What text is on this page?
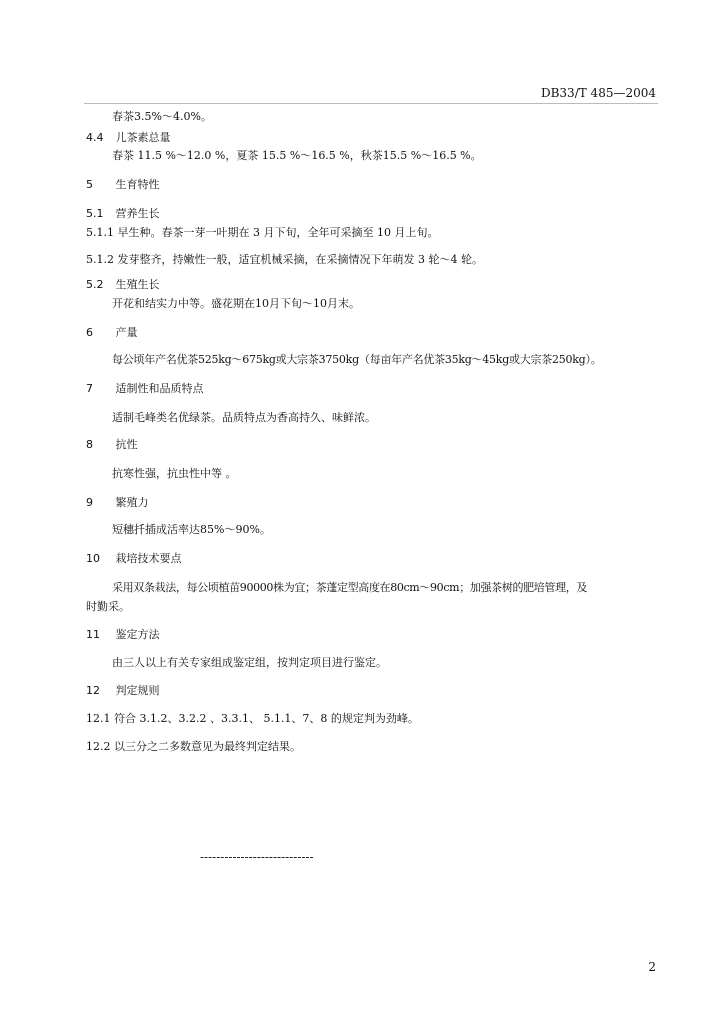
DB33/T 485—2004
春茶3.5%～4.0%。
4.4 儿茶素总量
春茶 11.5 %～12.0 %，夏茶 15.5 %～16.5 %，秋茶15.5 %～16.5 %。
5 生育特性
5.1 营养生长
5.1.1 早生种。春茶一芽一叶期在 3 月下旬，全年可采摘至 10 月上旬。
5.1.2 发芽整齐，持嫩性一般，适宜机械采摘，在采摘情况下年萌发 3 轮～4 轮。
5.2 生殖生长
开花和结实力中等。盛花期在10月下旬～10月末。
6 产量
每公顷年产名优茶525kg～675kg或大宗茶3750kg（每亩年产名优茶35kg～45kg或大宗茶250kg）。
7 适制性和品质特点
适制毛峰类名优绿茶。品质特点为香高持久、味鲜浓。
8 抗性
抗寒性强，抗虫性中等 。
9 繁殖力
短穗扦插成活率达85%～90%。
10 栽培技术要点
采用双条栽法，每公顷植苗90000株为宜；茶蓬定型高度在80cm～90cm；加强茶树的肥培管理，及
时勤采。
11 鉴定方法
由三人以上有关专家组成鉴定组，按判定项目进行鉴定。
12 判定规则
12.1 符合 3.1.2、3.2.2 、3.3.1、 5.1.1、7、8 的规定判为劲峰。
12.2 以三分之二多数意见为最终判定结果。
----------------------------
2
